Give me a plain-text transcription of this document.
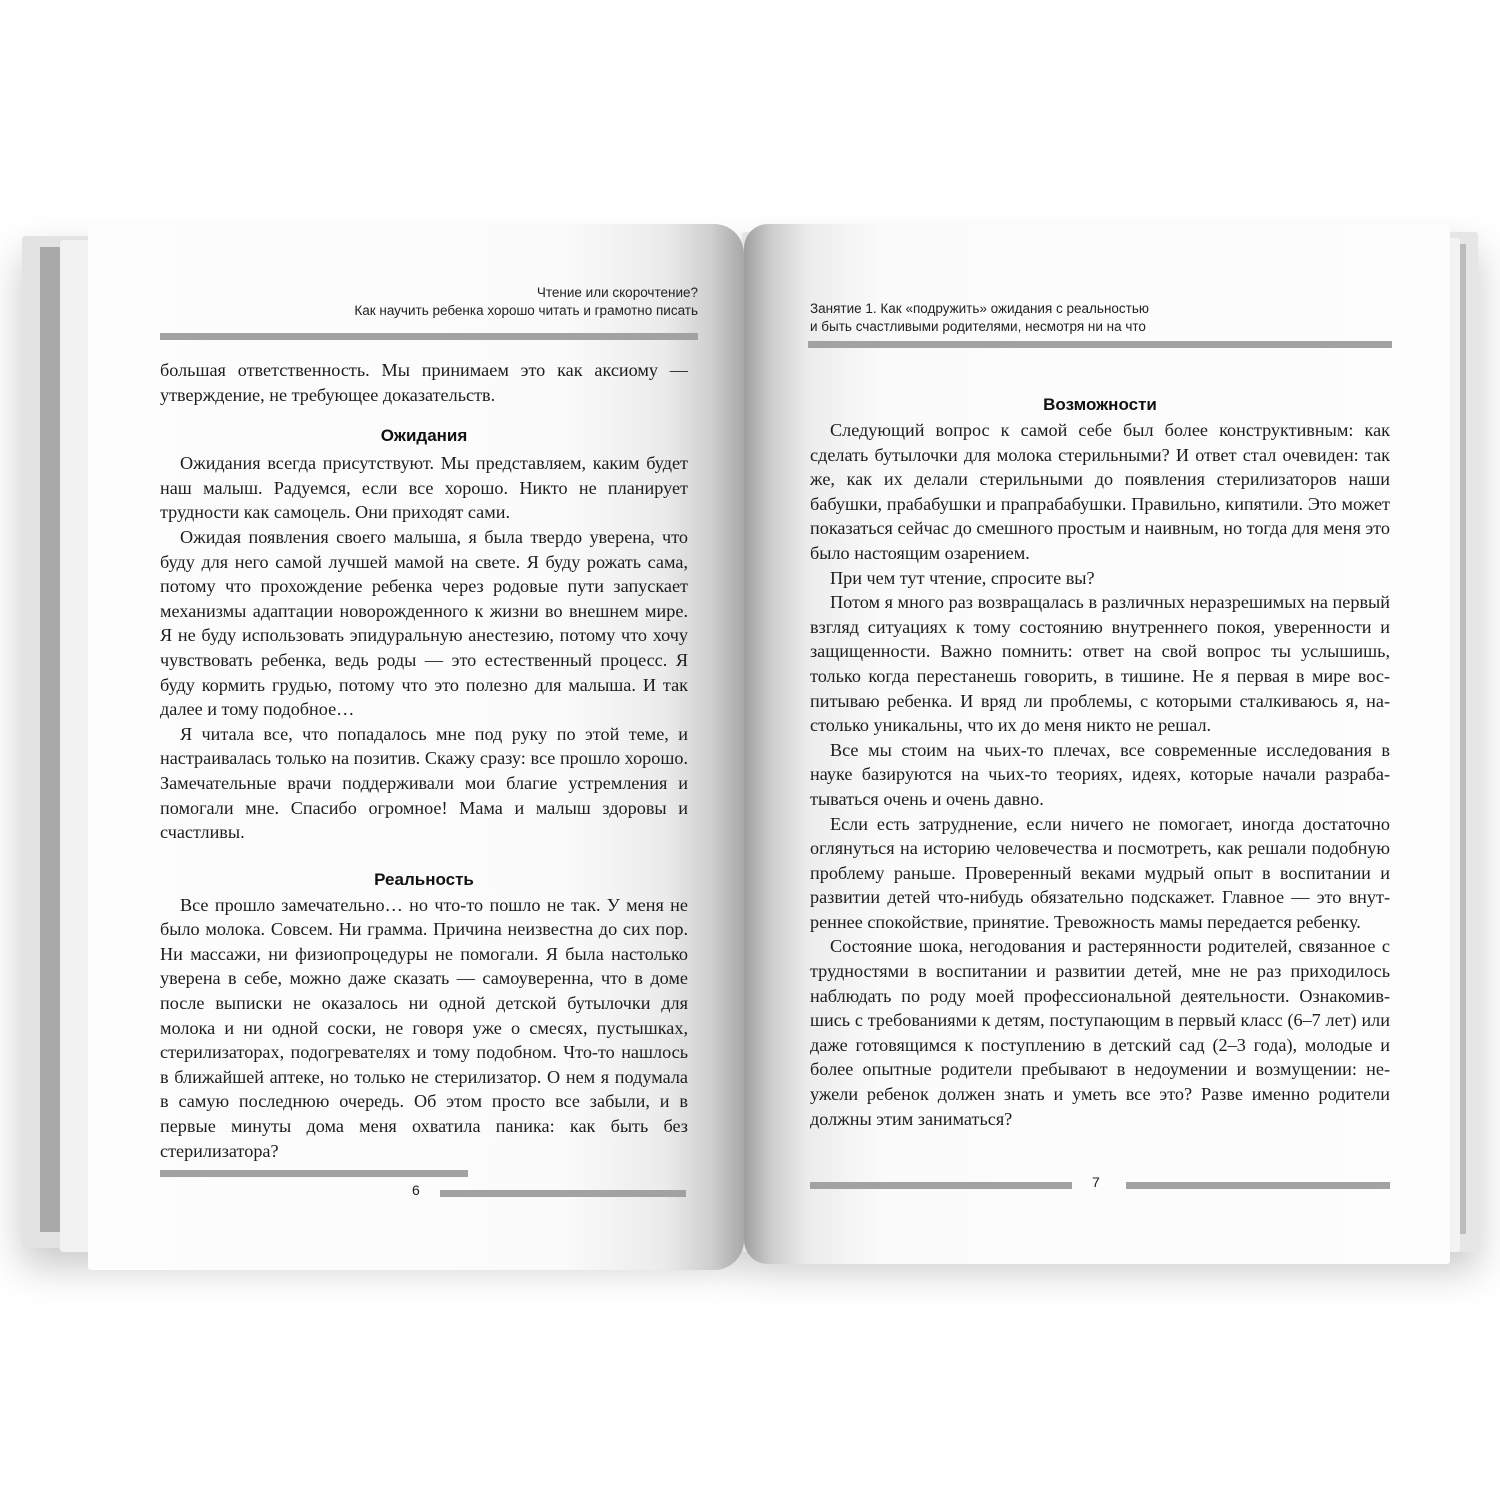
Чтение или скорочтение?
Как научить ребенка хорошо читать и грамотно писать

большая ответственность. Мы принимаем это как аксиому — утверждение, не требующее доказательств.

Ожидания

Ожидания всегда присутствуют. Мы представляем, каким будет наш малыш. Радуемся, если все хорошо. Никто не планирует трудности как самоцель. Они приходят сами.

Ожидая появления своего малыша, я была твердо уверена, что буду для него самой лучшей мамой на свете. Я буду рожать сама, потому что прохождение ребенка через родовые пути запускает механизмы адаптации новорожденного к жизни во внешнем мире. Я не буду использовать эпидуральную анестезию, потому что хочу чувствовать ребенка, ведь роды — это естественный процесс. Я буду кормить грудью, потому что это полезно для малыша. И так далее и тому подобное…

Я читала все, что попадалось мне под руку по этой теме, и настраивалась только на позитив. Скажу сразу: все прошло хорошо. Замечательные врачи поддерживали мои благие устремления и помогали мне. Спасибо огромное! Мама и малыш здоровы и счастливы.

Реальность

Все прошло замечательно… но что-то пошло не так. У меня не было молока. Совсем. Ни грамма. Причина неизвестна до сих пор. Ни массажи, ни физиопроцедуры не помогали. Я была настолько уверена в себе, можно даже сказать — самоуверенна, что в доме после выписки не оказалось ни одной детской бутылочки для молока и ни одной соски, не говоря уже о смесях, пустышках, стерилизаторах, подогревателях и тому подобном. Что-то нашлось в ближайшей аптеке, но только не стерилизатор. О нем я подумала в самую последнюю очередь. Об этом просто все забыли, и в первые минуты дома меня охватила паника: как быть без стерилизатора?

6
Занятие 1. Как «подружить» ожидания с реальностью
и быть счастливыми родителями, несмотря ни на что
Возможности

Следующий вопрос к самой себе был более конструктивным: как сделать бутылочки для молока стерильными? И ответ стал очевиден: так же, как их делали стерильными до появления стерилизаторов наши бабушки, прабабушки и прапрабабушки. Правильно, кипятили. Это может показаться сейчас до смешного простым и наивным, но тогда для меня это было настоящим озарением.

При чем тут чтение, спросите вы?

Потом я много раз возвращалась в различных неразрешимых на первый взгляд ситуациях к тому состоянию внутреннего покоя, уверенности и защищенности. Важно помнить: ответ на свой вопрос ты услышишь, только когда перестанешь говорить, в тишине. Не я первая в мире воспитываю ребенка. И вряд ли проблемы, с которыми сталкиваюсь я, настолько уникальны, что их до меня никто не решал.

Все мы стоим на чьих-то плечах, все современные исследования в науке базируются на чьих-то теориях, идеях, которые начали разрабатываться очень и очень давно.

Если есть затруднение, если ничего не помогает, иногда достаточно оглянуться на историю человечества и посмотреть, как решали подобную проблему раньше. Проверенный веками мудрый опыт в воспитании и развитии детей что-нибудь обязательно подскажет. Главное — это внутреннее спокойствие, принятие. Тревожность мамы передается ребенку.

Состояние шока, негодования и растерянности родителей, связанное с трудностями в воспитании и развитии детей, мне не раз приходилось наблюдать по роду моей профессиональной деятельности. Ознакомившись с требованиями к детям, поступающим в первый класс (6–7 лет) или даже готовящимся к поступлению в детский сад (2–3 года), молодые и более опытные родители пребывают в недоумении и возмущении: неужели ребенок должен знать и уметь все это? Разве именно родители должны этим заниматься?

7
